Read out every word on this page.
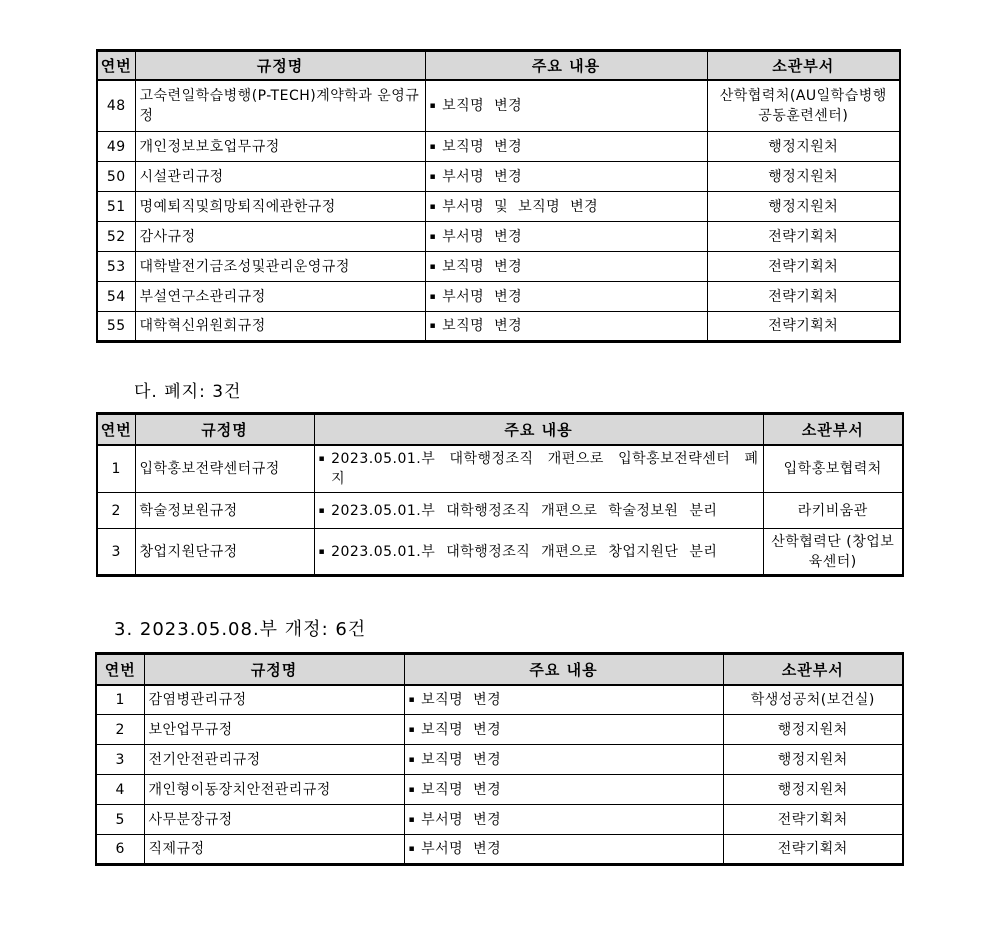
연번	규정명	주요 내용	소관부서
48	고숙련일학습병행(P-TECH)계약학과 운영규정	▪ 보직명 변경	산학협력처(AU일학습병행 공동훈련센터)
49	개인정보보호업무규정	▪ 보직명 변경	행정지원처
50	시설관리규정	▪ 부서명 변경	행정지원처
51	명예퇴직및희망퇴직에관한규정	▪ 부서명 및 보직명 변경	행정지원처
52	감사규정	▪ 부서명 변경	전략기획처
53	대학발전기금조성및관리운영규정	▪ 보직명 변경	전략기획처
54	부설연구소관리규정	▪ 부서명 변경	전략기획처
55	대학혁신위원회규정	▪ 보직명 변경	전략기획처
다. 폐지: 3건
연번	규정명	주요 내용	소관부서
1	입학홍보전략센터규정	▪ 2023.05.01.부 대학행정조직 개편으로 입학홍보전략센터 폐지	입학홍보협력처
2	학술정보원규정	▪ 2023.05.01.부 대학행정조직 개편으로 학술정보원 분리	라키비움관
3	창업지원단규정	▪ 2023.05.01.부 대학행정조직 개편으로 창업지원단 분리	산학협력단 (창업보육센터)
3. 2023.05.08.부 개정: 6건
연번	규정명	주요 내용	소관부서
1	감염병관리규정	▪ 보직명 변경	학생성공처(보건실)
2	보안업무규정	▪ 보직명 변경	행정지원처
3	전기안전관리규정	▪ 보직명 변경	행정지원처
4	개인형이동장치안전관리규정	▪ 보직명 변경	행정지원처
5	사무분장규정	▪ 부서명 변경	전략기획처
6	직제규정	▪ 부서명 변경	전략기획처
